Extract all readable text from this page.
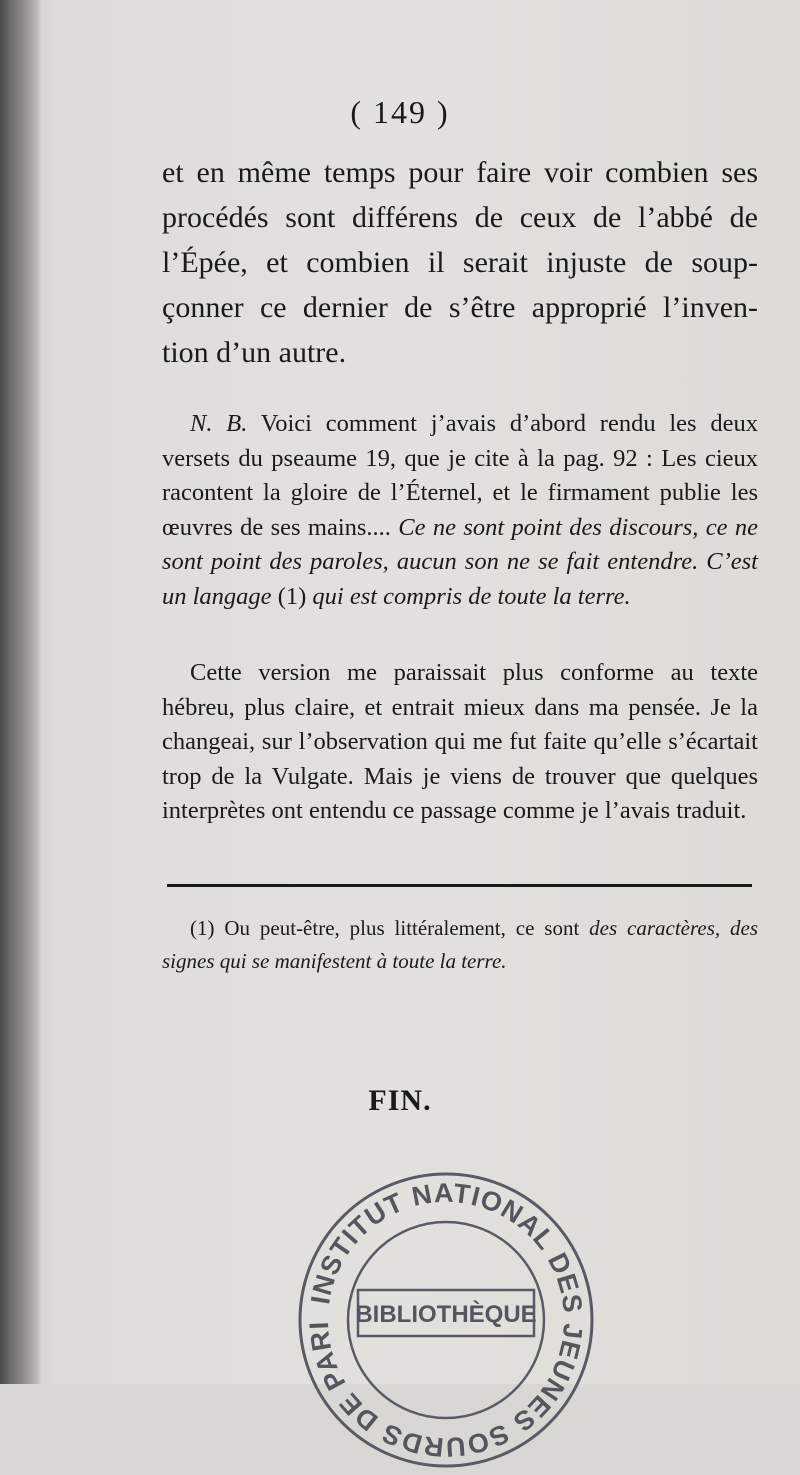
( 149 )
et en même temps pour faire voir combien ses
procédés sont différens de ceux de l’abbé de
l’Épée, et combien il serait injuste de soup-
çonner ce dernier de s’être approprié l’inven-
tion d’un autre.

N. B. Voici comment j’avais d’abord rendu les deux versets du pseaume 19, que je cite à la pag. 92 : Les cieux racontent la gloire de l’Éternel, et le firmament publie les œuvres de ses mains.... Ce ne sont point des discours, ce ne sont point des paroles, aucun son ne se fait entendre. C’est un langage (1) qui est compris de toute la terre.

Cette version me paraissait plus conforme au texte hébreu, plus claire, et entrait mieux dans ma pensée. Je la changeai, sur l’observation qui me fut faite qu’elle s’écartait trop de la Vulgate. Mais je viens de trouver que quelques interprètes ont entendu ce passage comme je l’avais traduit.

(1) Ou peut-être, plus littéralement, ce sont des caractères, des signes qui se manifestent à toute la terre.
FIN.
INSTITUT NATIONAL DES JEUNES SOURDS DE PARI BIBLIOTHÈQUE
